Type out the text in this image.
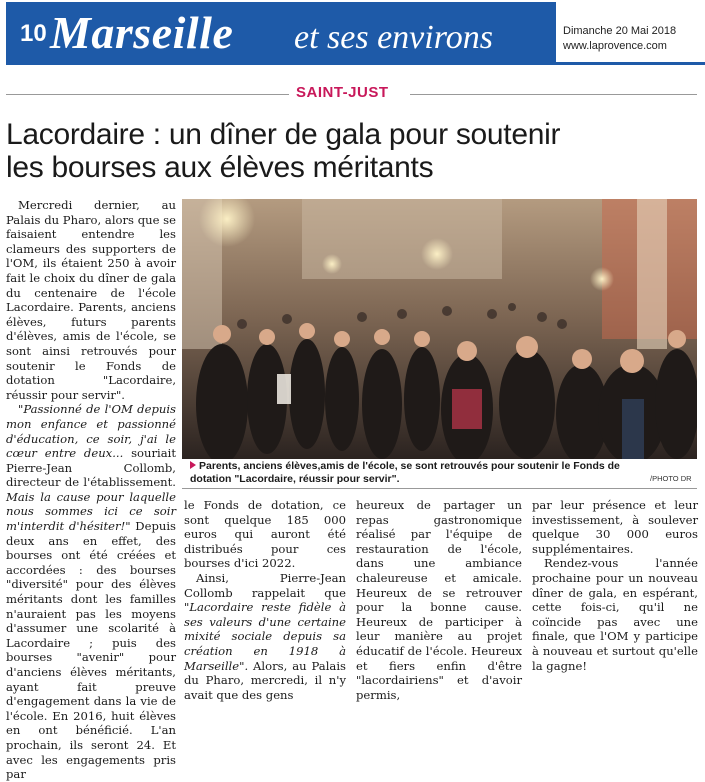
10 Marseille et ses environs	Dimanche 20 Mai 2018
www.laprovence.com
SAINT-JUST
Lacordaire : un dîner de gala pour soutenir
les bourses aux élèves méritants

Mercredi dernier, au Palais du Pharo, alors que se faisaient entendre les clameurs des supporters de l'OM, ils étaient 250 à avoir fait le choix du dîner de gala du centenaire de l'école Lacordaire. Parents, anciens élèves, futurs parents d'élèves, amis de l'école, se sont ainsi retrouvés pour soutenir le Fonds de dotation "Lacordaire, réussir pour servir".

"Passionné de l'OM depuis mon enfance et passionné d'éducation, ce soir, j'ai le cœur entre deux... souriait Pierre-Jean Collomb, directeur de l'établissement. Mais la cause pour laquelle nous sommes ici ce soir m'interdit d'hésiter!" Depuis deux ans en effet, des bourses ont été créées et accordées : des bourses "diversité" pour des élèves méritants dont les familles n'auraient pas les moyens d'assumer une scolarité à Lacordaire ; puis des bourses "avenir" pour d'anciens élèves méritants, ayant fait preuve d'engagement dans la vie de l'école. En 2016, huit élèves en ont bénéficié. L'an prochain, ils seront 24. Et avec les engagements pris par

Parents, anciens élèves,amis de l'école, se sont retrouvés pour soutenir le Fonds de dotation "Lacordaire, réussir pour servir".	/PHOTO DR

le Fonds de dotation, ce sont quelque 185 000 euros qui auront été distribués pour ces bourses d'ici 2022.

Ainsi, Pierre-Jean Collomb rappelait que "Lacordaire reste fidèle à ses valeurs d'une certaine mixité sociale depuis sa création en 1918 à Marseille". Alors, au Palais du Pharo, mercredi, il n'y avait que des gens

heureux de partager un repas gastronomique réalisé par l'équipe de restauration de l'école, dans une ambiance chaleureuse et amicale. Heureux de se retrouver pour la bonne cause. Heureux de participer à leur manière au projet éducatif de l'école. Heureux et fiers enfin d'être "lacordairiens" et d'avoir permis,

par leur présence et leur investissement, à soulever quelque 30 000 euros supplémentaires.

Rendez-vous l'année prochaine pour un nouveau dîner de gala, en espérant, cette fois-ci, qu'il ne coïncide pas avec une finale, que l'OM y participe à nouveau et surtout qu'elle la gagne!
